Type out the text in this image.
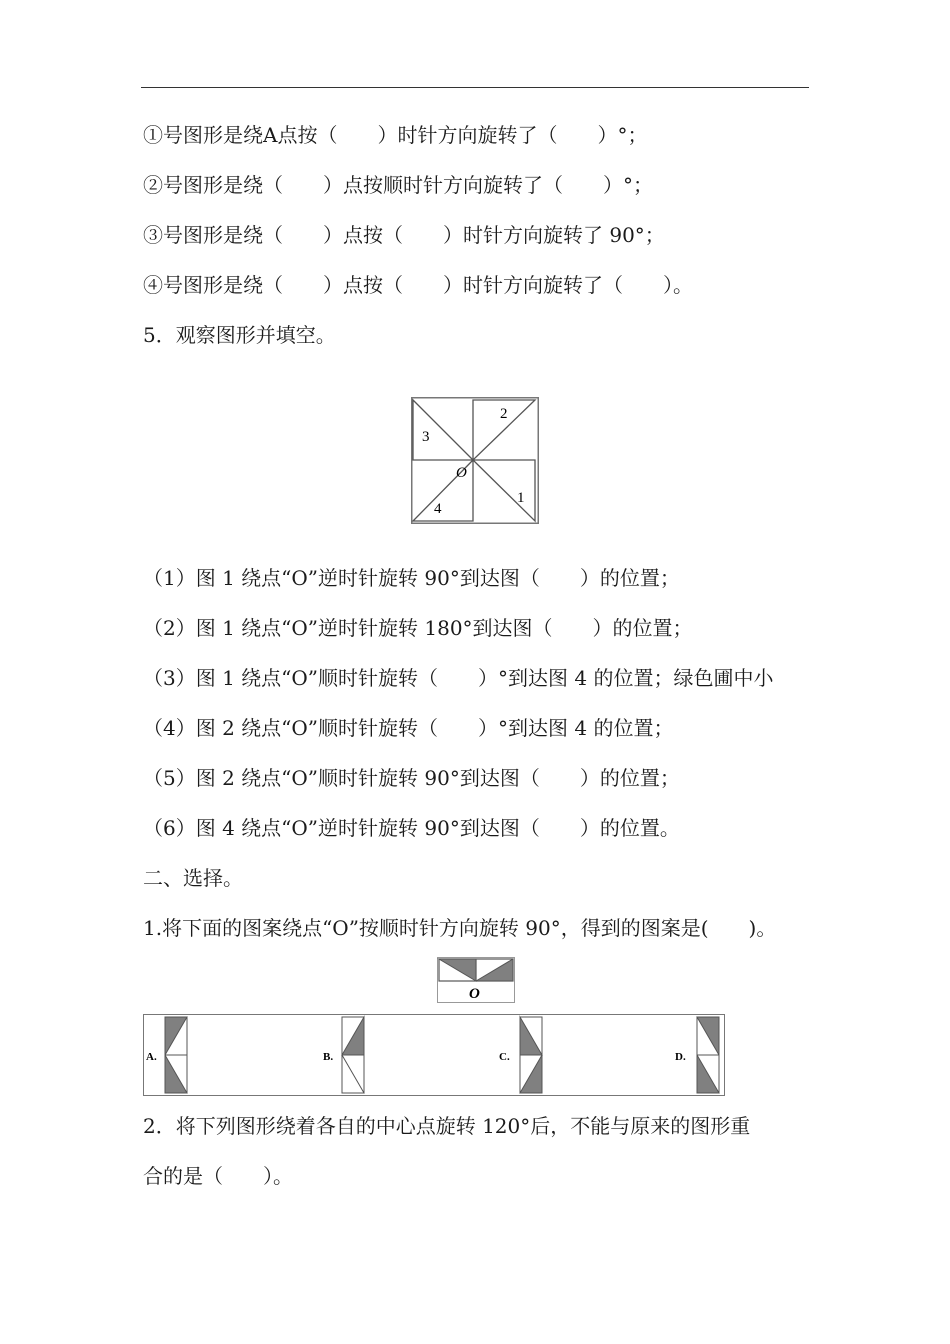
①号图形是绕A点按（　　）时针方向旋转了（　　）°；
②号图形是绕（　　）点按顺时针方向旋转了（　　）°；
③号图形是绕（　　）点按（　　）时针方向旋转了 90°；
④号图形是绕（　　）点按（　　）时针方向旋转了（　　）。
5．观察图形并填空。
2
3
O
1
4
（1）图 1 绕点“O”逆时针旋转 90°到达图（　　）的位置；
（2）图 1 绕点“O”逆时针旋转 180°到达图（　　）的位置；
（3）图 1 绕点“O”顺时针旋转（　　）°到达图 4 的位置；绿色圃中小
（4）图 2 绕点“O”顺时针旋转（　　）°到达图 4 的位置；
（5）图 2 绕点“O”顺时针旋转 90°到达图（　　）的位置；
（6）图 4 绕点“O”逆时针旋转 90°到达图（　　）的位置。
二、选择。
1.将下面的图案绕点“O”按顺时针方向旋转 90°，得到的图案是(　　)。
O
A.	B.	C.	D.
2．将下列图形绕着各自的中心点旋转 120°后，不能与原来的图形重
合的是（　　）。
